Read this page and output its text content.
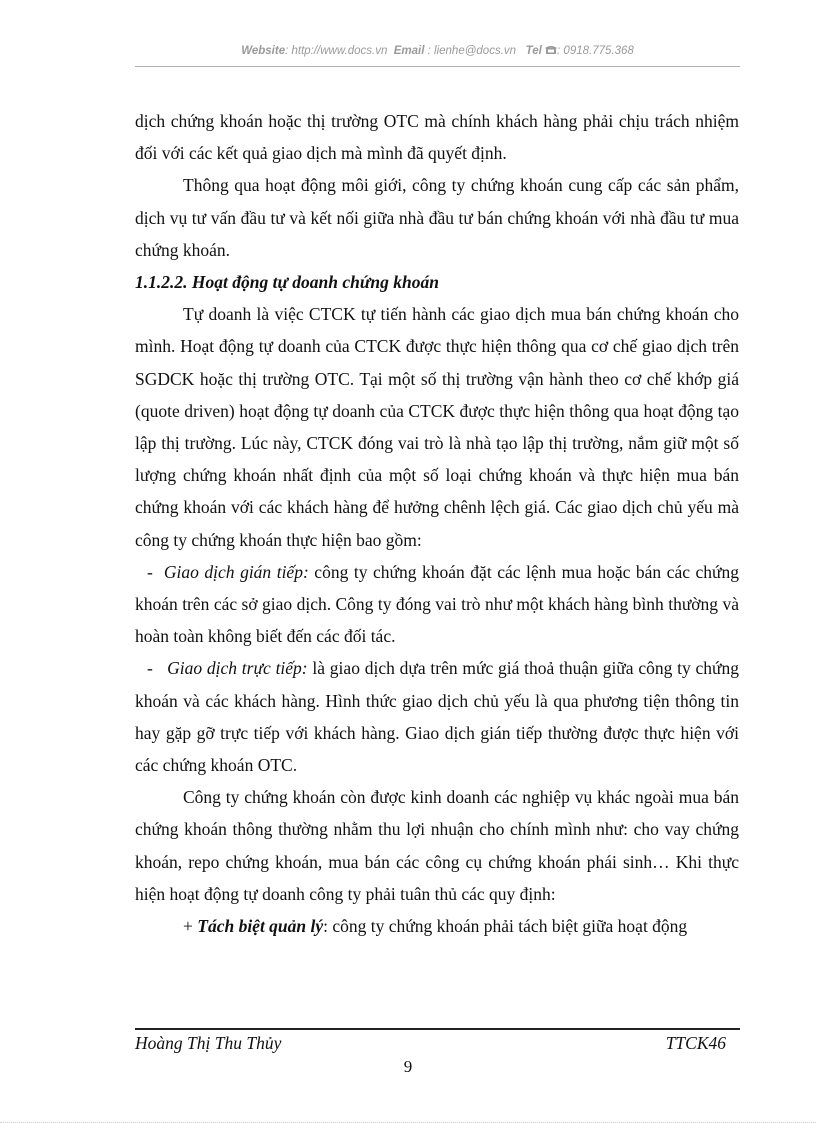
Website: http://www.docs.vn Email : lienhe@docs.vn Tel : 0918.775.368

dịch chứng khoán hoặc thị trường OTC mà chính khách hàng phải chịu trách nhiệm đối với các kết quả giao dịch mà mình đã quyết định.

Thông qua hoạt động môi giới, công ty chứng khoán cung cấp các sản phẩm, dịch vụ tư vấn đầu tư và kết nối giữa nhà đầu tư bán chứng khoán với nhà đầu tư mua chứng khoán.

1.1.2.2. Hoạt động tự doanh chứng khoán

Tự doanh là việc CTCK tự tiến hành các giao dịch mua bán chứng khoán cho mình. Hoạt động tự doanh của CTCK được thực hiện thông qua cơ chế giao dịch trên SGDCK hoặc thị trường OTC. Tại một số thị trường vận hành theo cơ chế khớp giá (quote driven) hoạt động tự doanh của CTCK được thực hiện thông qua hoạt động tạo lập thị trường. Lúc này, CTCK đóng vai trò là nhà tạo lập thị trường, nắm giữ một số lượng chứng khoán nhất định của một số loại chứng khoán và thực hiện mua bán chứng khoán với các khách hàng để hưởng chênh lệch giá. Các giao dịch chủ yếu mà công ty chứng khoán thực hiện bao gồm:

- Giao dịch gián tiếp: công ty chứng khoán đặt các lệnh mua hoặc bán các chứng khoán trên các sở giao dịch. Công ty đóng vai trò như một khách hàng bình thường và hoàn toàn không biết đến các đối tác.

- Giao dịch trực tiếp: là giao dịch dựa trên mức giá thoả thuận giữa công ty chứng khoán và các khách hàng. Hình thức giao dịch chủ yếu là qua phương tiện thông tin hay gặp gỡ trực tiếp với khách hàng. Giao dịch gián tiếp thường được thực hiện với các chứng khoán OTC.

Công ty chứng khoán còn được kinh doanh các nghiệp vụ khác ngoài mua bán chứng khoán thông thường nhằm thu lợi nhuận cho chính mình như: cho vay chứng khoán, repo chứng khoán, mua bán các công cụ chứng khoán phái sinh… Khi thực hiện hoạt động tự doanh công ty phải tuân thủ các quy định:

+ Tách biệt quản lý: công ty chứng khoán phải tách biệt giữa hoạt động

Hoàng Thị Thu Thủy	TTCK46
9
